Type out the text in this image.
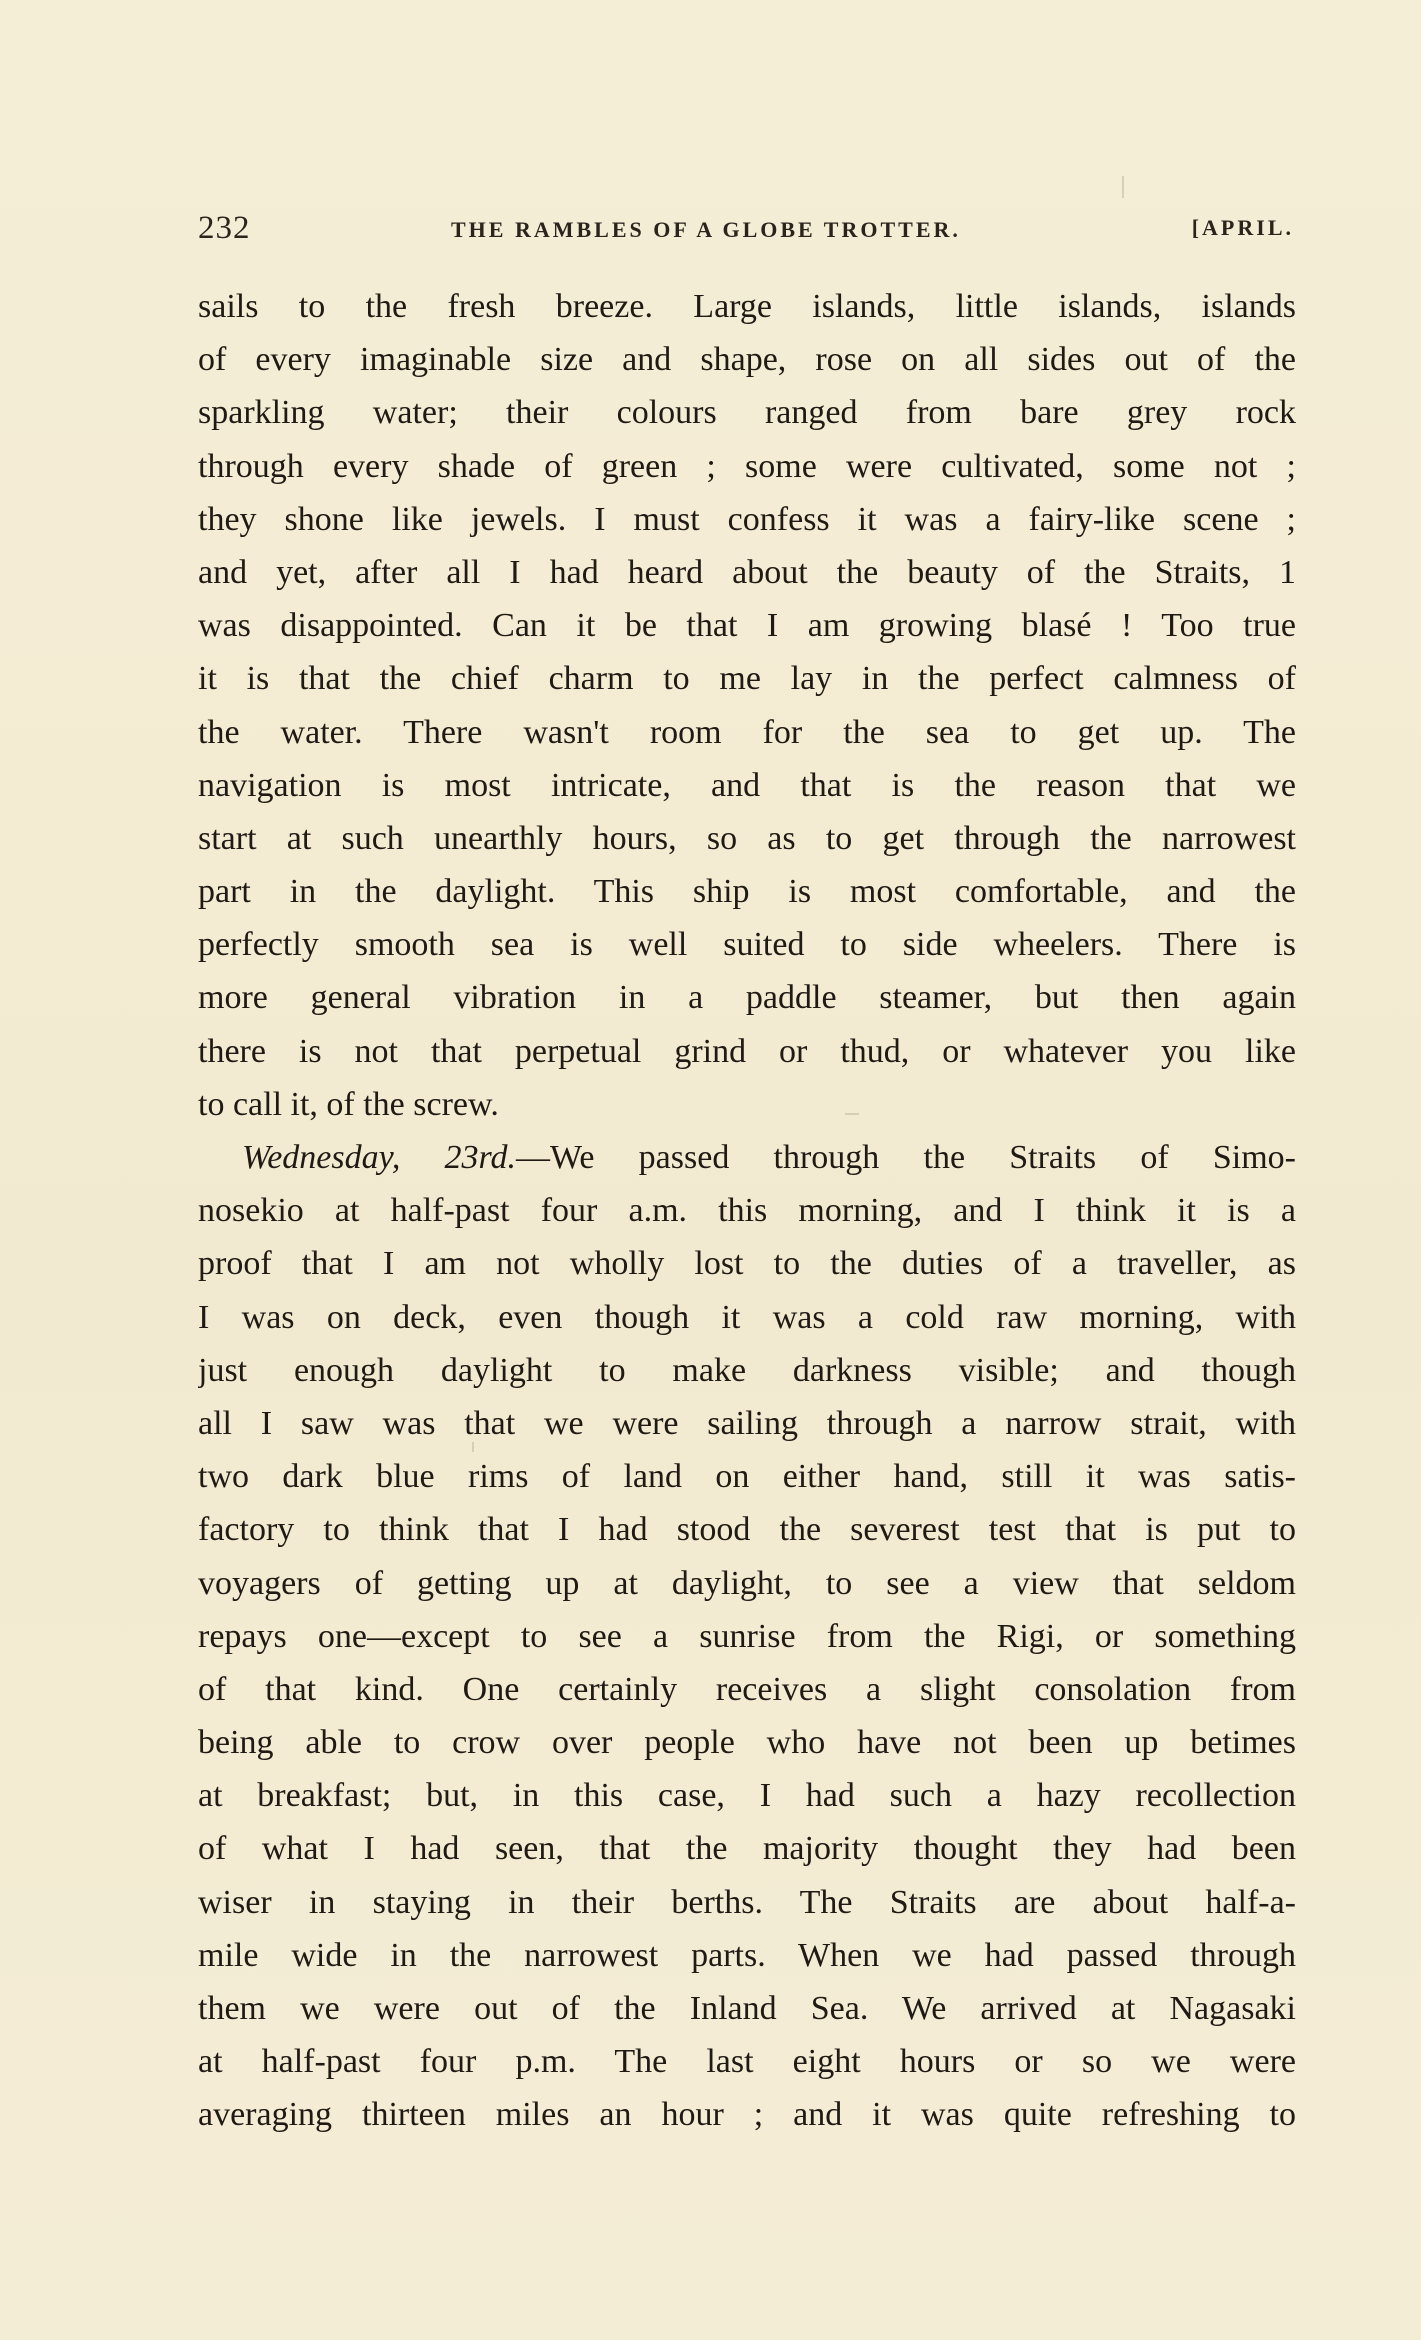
232	THE RAMBLES OF A GLOBE TROTTER.	[APRIL.
sails to the fresh breeze. Large islands, little islands, islands
of every imaginable size and shape, rose on all sides out of the
sparkling water; their colours ranged from bare grey rock
through every shade of green ; some were cultivated, some not ;
they shone like jewels. I must confess it was a fairy-like scene ;
and yet, after all I had heard about the beauty of the Straits, 1
was disappointed. Can it be that I am growing blasé ! Too true
it is that the chief charm to me lay in the perfect calmness of
the water. There wasn't room for the sea to get up. The
navigation is most intricate, and that is the reason that we
start at such unearthly hours, so as to get through the narrowest
part in the daylight. This ship is most comfortable, and the
perfectly smooth sea is well suited to side wheelers. There is
more general vibration in a paddle steamer, but then again
there is not that perpetual grind or thud, or whatever you like
to call it, of the screw.
Wednesday, 23rd.—We passed through the Straits of Simo-
nosekio at half-past four a.m. this morning, and I think it is a
proof that I am not wholly lost to the duties of a traveller, as
I was on deck, even though it was a cold raw morning, with
just enough daylight to make darkness visible; and though
all I saw was that we were sailing through a narrow strait, with
two dark blue rims of land on either hand, still it was satis-
factory to think that I had stood the severest test that is put to
voyagers of getting up at daylight, to see a view that seldom
repays one—except to see a sunrise from the Rigi, or something
of that kind. One certainly receives a slight consolation from
being able to crow over people who have not been up betimes
at breakfast; but, in this case, I had such a hazy recollection
of what I had seen, that the majority thought they had been
wiser in staying in their berths. The Straits are about half-a-
mile wide in the narrowest parts. When we had passed through
them we were out of the Inland Sea. We arrived at Nagasaki
at half-past four p.m. The last eight hours or so we were
averaging thirteen miles an hour ; and it was quite refreshing to
